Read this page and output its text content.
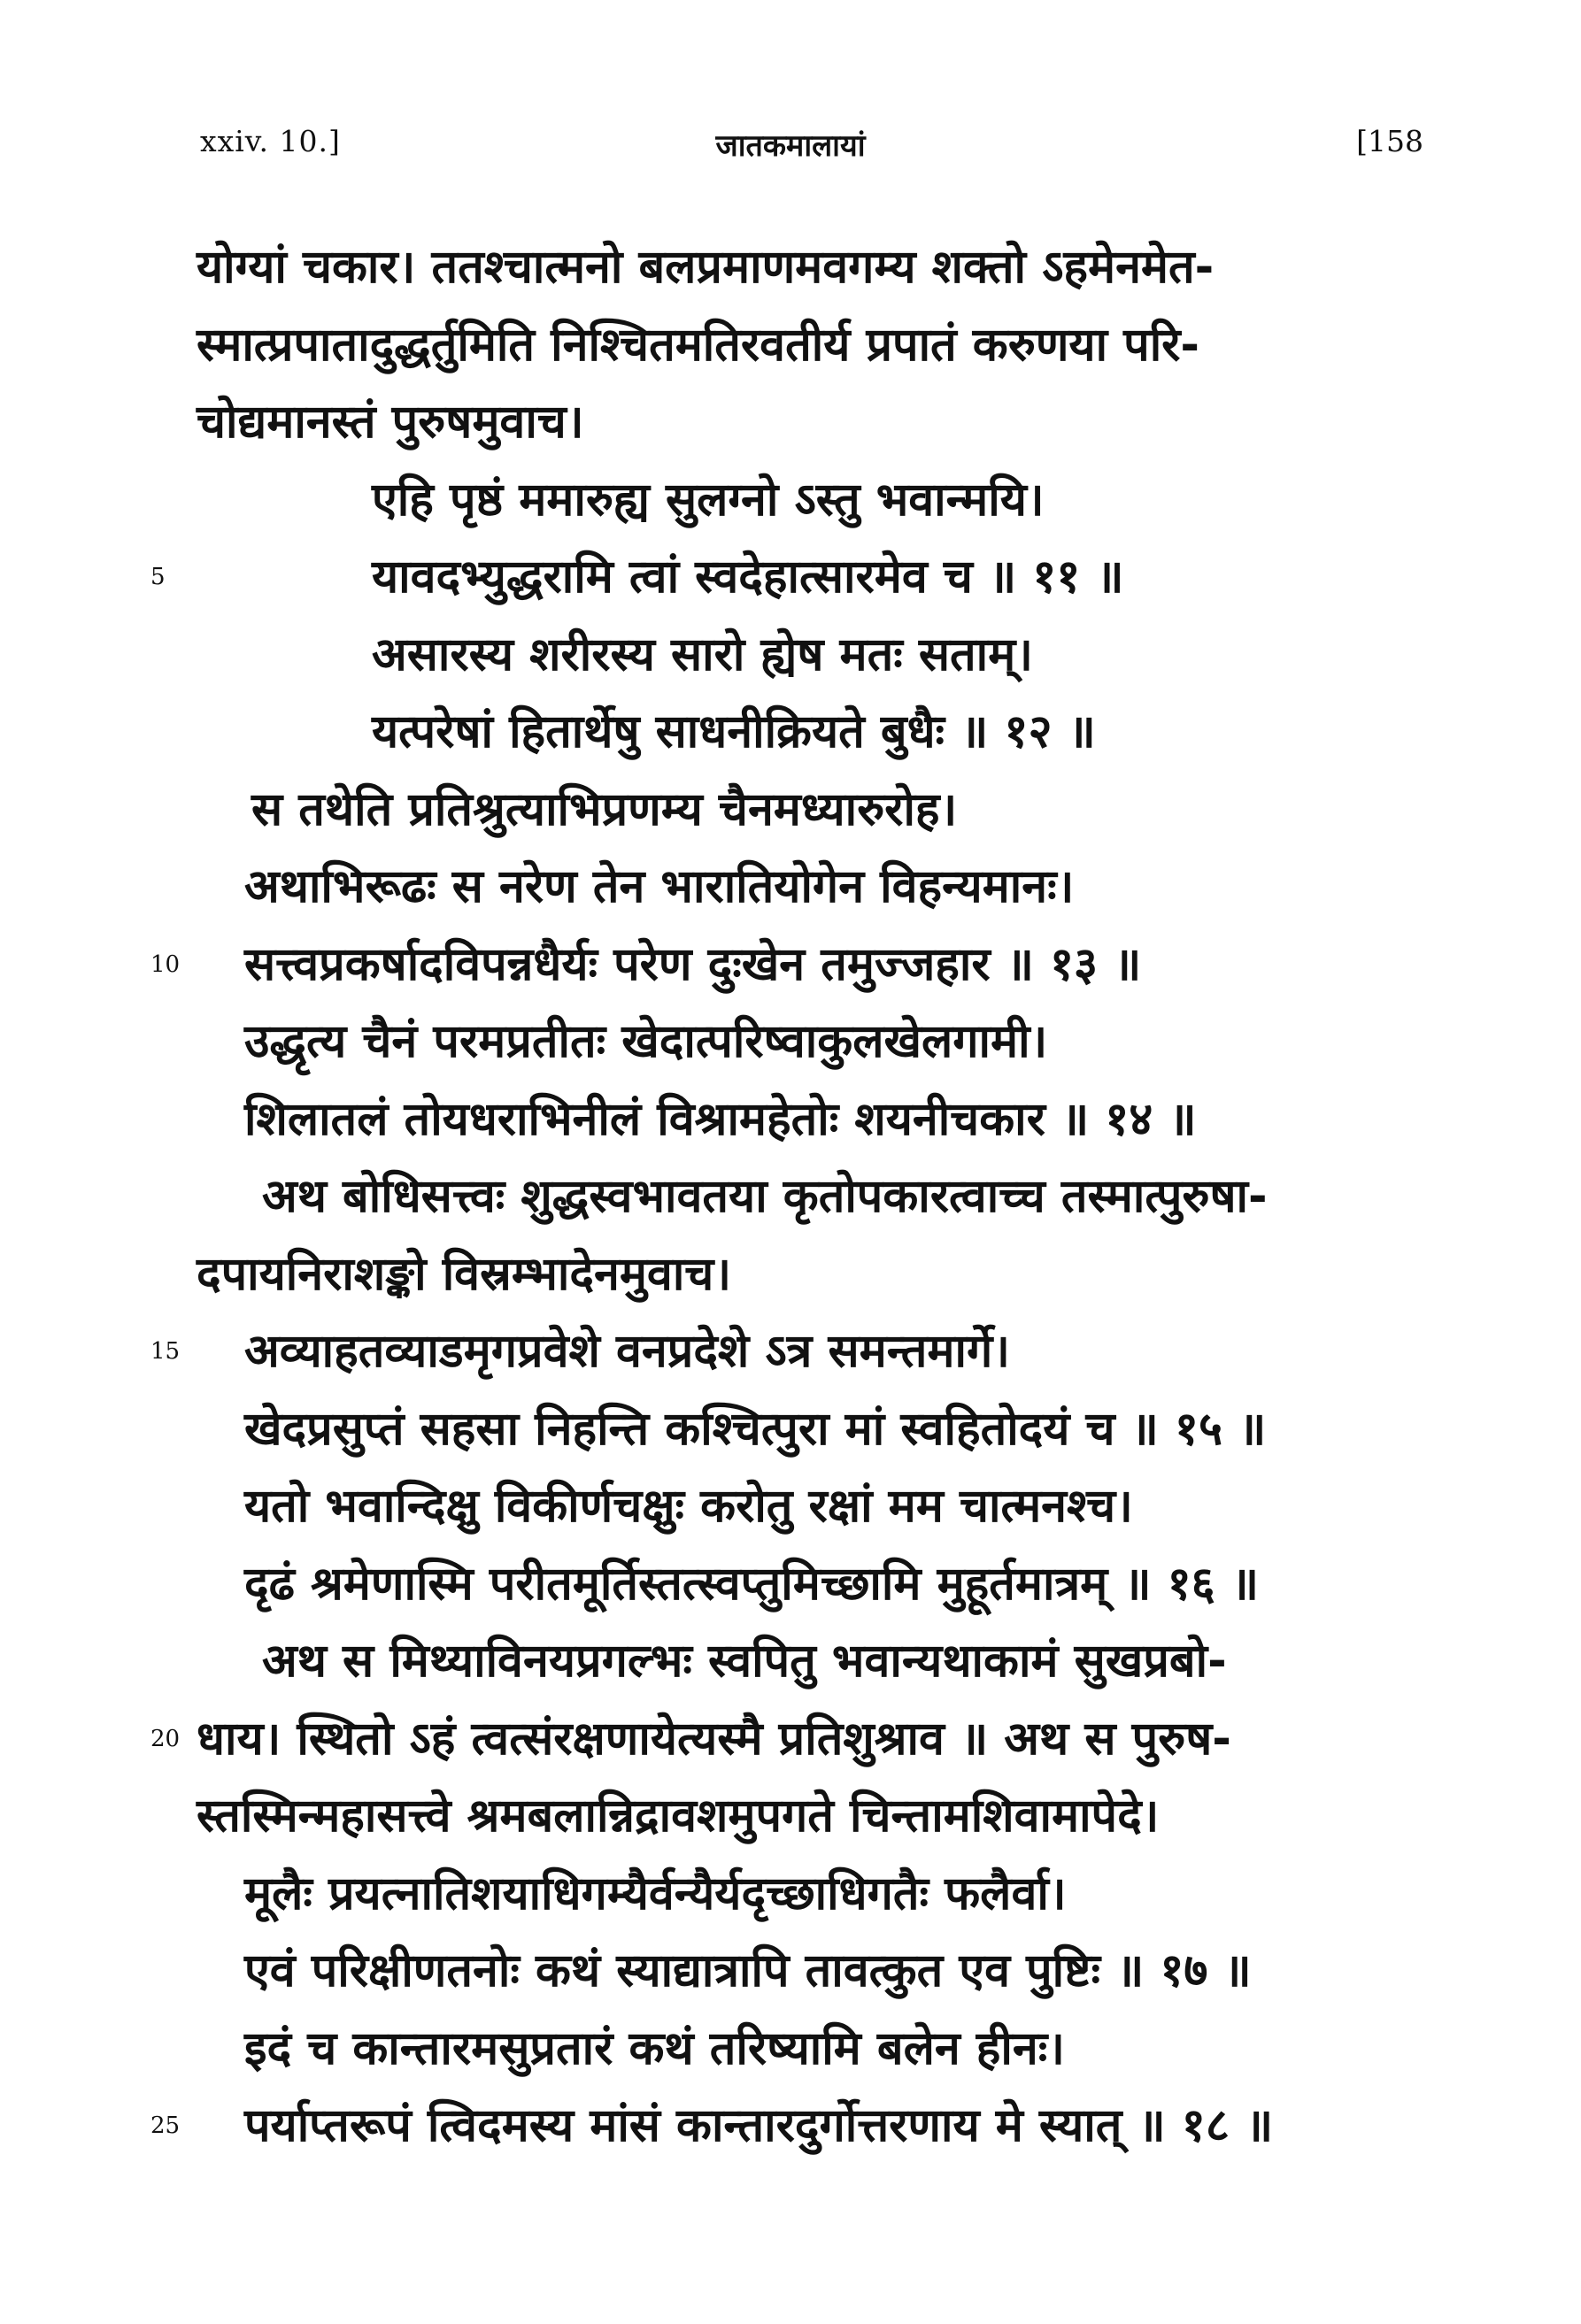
xxiv. 10.]	जातकमालायां	[158
योग्यां चकार। ततश्चात्मनो बलप्रमाणमवगम्य शक्तो ऽहमेनमेत-
स्मात्प्रपातादुद्धर्तुमिति निश्चितमतिरवतीर्य प्रपातं करुणया परि-
चोद्यमानस्तं पुरुषमुवाच।
एहि पृष्ठं ममारुह्य सुलग्नो ऽस्तु भवान्मयि।
5	यावदभ्युद्धरामि त्वां स्वदेहात्सारमेव च ॥ ११ ॥
असारस्य शरीरस्य सारो ह्येष मतः सताम्।
यत्परेषां हितार्थेषु साधनीक्रियते बुधैः ॥ १२ ॥
स तथेति प्रतिश्रुत्याभिप्रणम्य चैनमध्यारुरोह।
अथाभिरूढः स नरेण तेन भारातियोगेन विहन्यमानः।
10 सत्त्वप्रकर्षादविपन्नधैर्यः परेण दुःखेन तमुज्जहार ॥ १३ ॥
उद्धृत्य चैनं परमप्रतीतः खेदात्परिष्वाकुलखेलगामी।
शिलातलं तोयधराभिनीलं विश्रामहेतोः शयनीचकार ॥ १४ ॥
अथ बोधिसत्त्वः शुद्धस्वभावतया कृतोपकारत्वाच्च तस्मात्पुरुषा-
दपायनिराशङ्को विस्रम्भादेनमुवाच।
15 अव्याहतव्याडमृगप्रवेशे वनप्रदेशे ऽत्र समन्तमार्गे।
खेदप्रसुप्तं सहसा निहन्ति कश्चित्पुरा मां स्वहितोदयं च ॥ १५ ॥
यतो भवान्दिक्षु विकीर्णचक्षुः करोतु रक्षां मम चात्मनश्च।
दृढं श्रमेणास्मि परीतमूर्तिस्तत्स्वप्तुमिच्छामि मुहूर्तमात्रम् ॥ १६ ॥
अथ स मिथ्याविनयप्रगल्भः स्वपितु भवान्यथाकामं सुखप्रबो-
20 धाय। स्थितो ऽहं त्वत्संरक्षणायेत्यस्मै प्रतिशुश्राव ॥ अथ स पुरुष-
स्तस्मिन्महासत्त्वे श्रमबलान्निद्रावशमुपगते चिन्तामशिवामापेदे।
मूलैः प्रयत्नातिशयाधिगम्यैर्वन्यैर्यदृच्छाधिगतैः फलैर्वा।
एवं परिक्षीणतनोः कथं स्याद्यात्रापि तावत्कुत एव पुष्टिः ॥ १७ ॥
इदं च कान्तारमसुप्रतारं कथं तरिष्यामि बलेन हीनः।
25 पर्याप्तरूपं त्विदमस्य मांसं कान्तारदुर्गोत्तरणाय मे स्यात् ॥ १८ ॥
